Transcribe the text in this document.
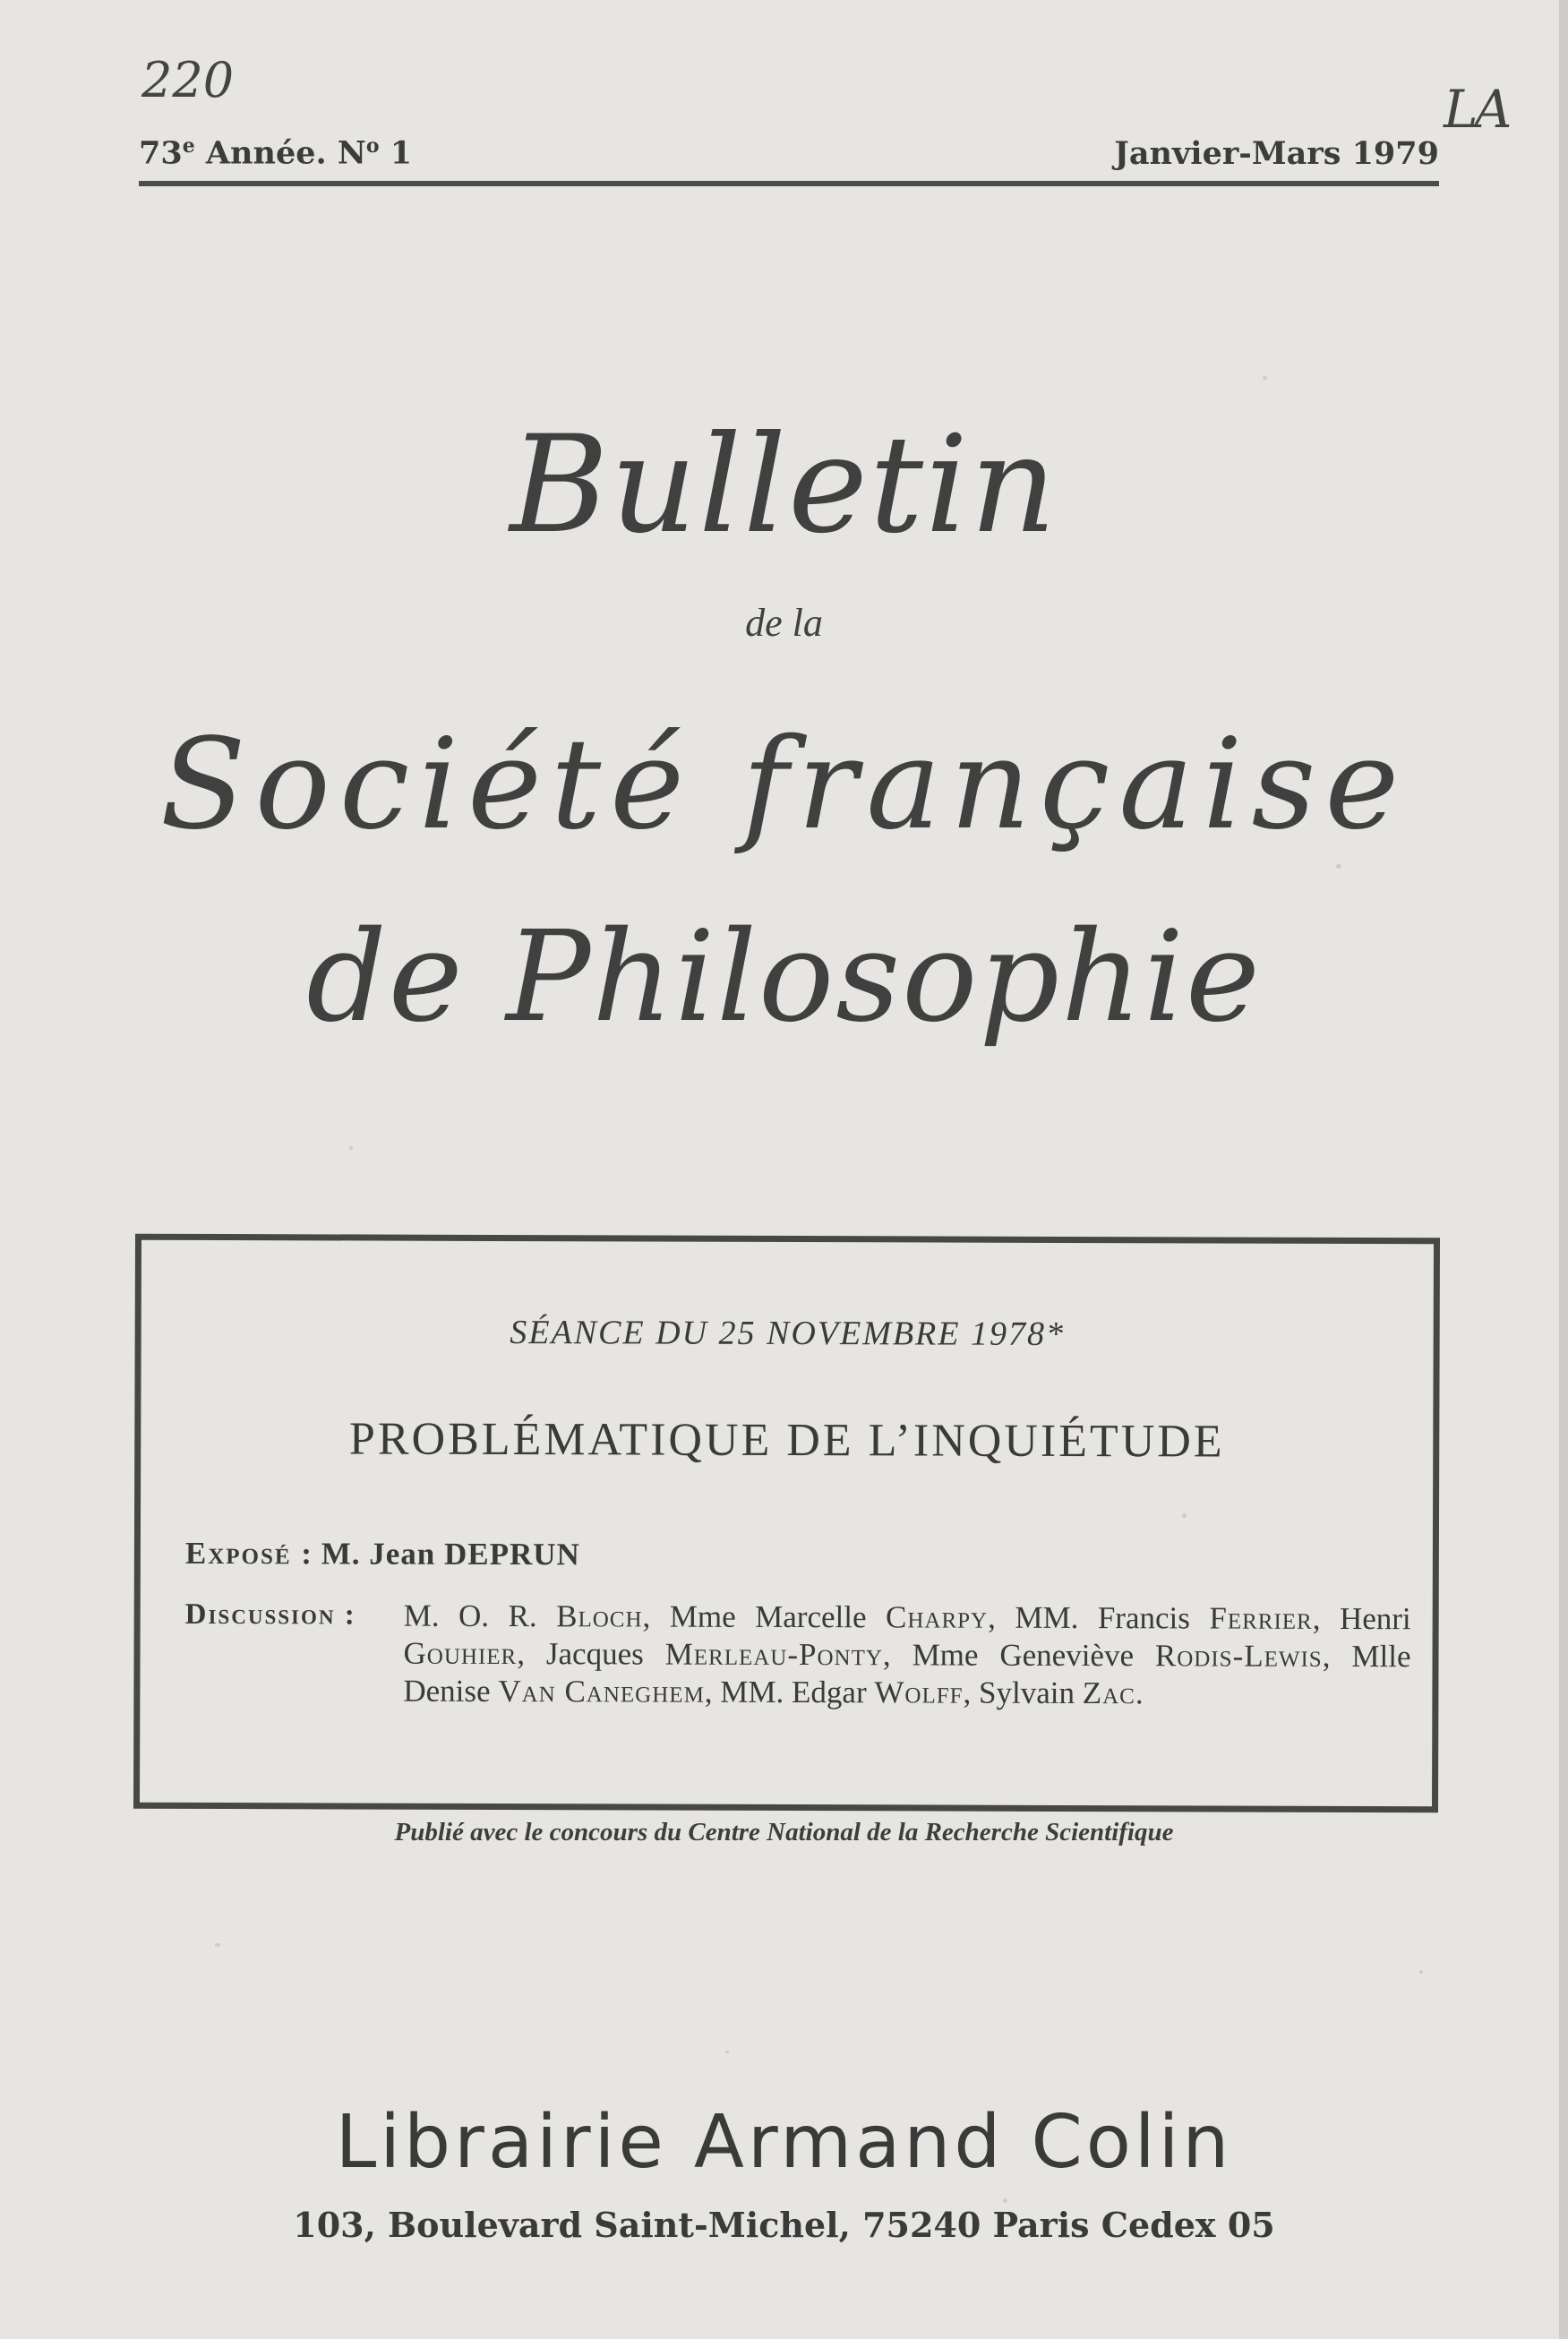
220	LA
73e Année. $N^o$ 1	Janvier-Mars 1979
Bulletin
de la
Société française
de Philosophie
SÉANCE DU 25 NOVEMBRE 1978*
PROBLÉMATIQUE DE L’INQUIÉTUDE
Exposé : M. Jean DEPRUN
Discussion : M. O. R. Bloch, Mme Marcelle Charpy, MM. Francis Ferrier, Henri Gouhier, Jacques Merleau-Ponty, Mme Geneviève Rodis-Lewis, Mlle Denise Van Caneghem, MM. Edgar Wolff, Sylvain Zac.
Publié avec le concours du Centre National de la Recherche Scientifique
Librairie Armand Colin
103, Boulevard Saint-Michel, 75240 Paris Cedex 05
